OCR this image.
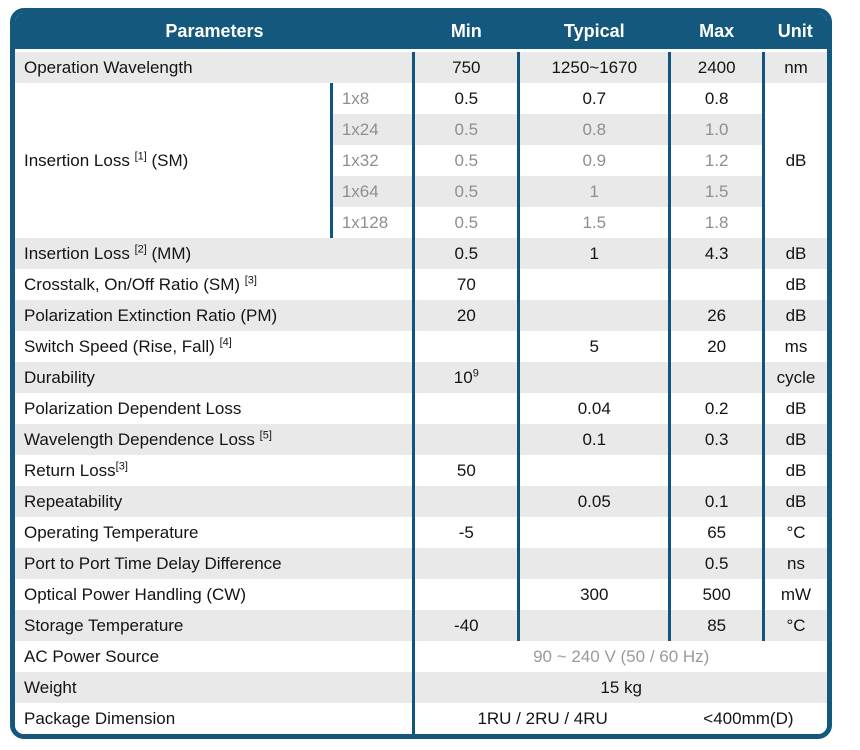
Parameters		Min	Typical	Max	Unit
Operation Wavelength		750	1250~1670	2400	nm
Insertion Loss [1] (SM)	1x8	0.5	0.7	0.8	dB
	1x24	0.5	0.8	1.0	
	1x32	0.5	0.9	1.2	
	1x64	0.5	1	1.5	
	1x128	0.5	1.5	1.8	
Insertion Loss [2] (MM)		0.5	1	4.3	dB
Crosstalk, On/Off Ratio (SM) [3]		70			dB
Polarization Extinction Ratio (PM)		20		26	dB
Switch Speed (Rise, Fall) [4]			5	20	ms
Durability		$10^9$			cycle
Polarization Dependent Loss			0.04	0.2	dB
Wavelength Dependence Loss [5]			0.1	0.3	dB
Return Loss[3]		50			dB
Repeatability			0.05	0.1	dB
Operating Temperature		-5		65	°C
Port to Port Time Delay Difference				0.5	ns
Optical Power Handling (CW)			300	500	mW
Storage Temperature		-40		85	°C
AC Power Source		90 ~ 240 V (50 / 60 Hz)			
Weight		15 kg			
Package Dimension		1RU / 2RU / 4RU		<400mm(D)	
